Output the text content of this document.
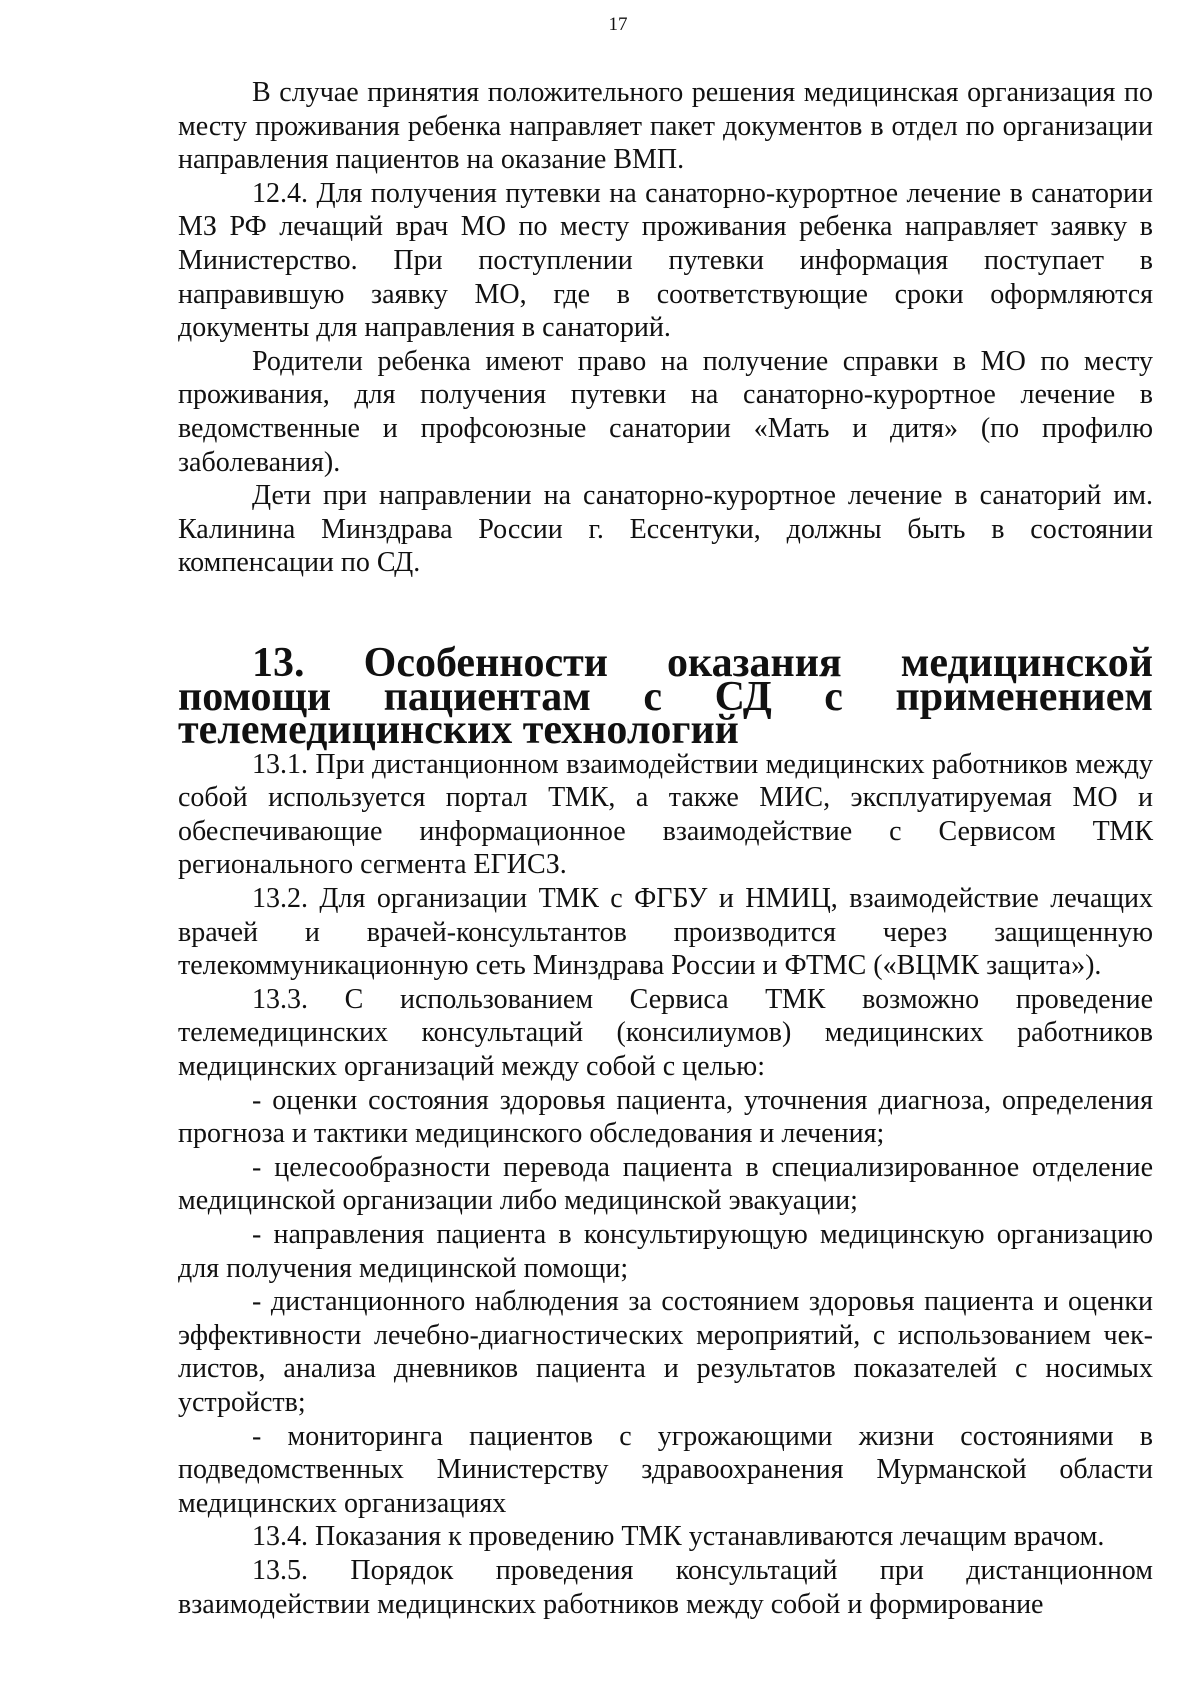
17

В случае принятия положительного решения медицинская организация по месту проживания ребенка направляет пакет документов в отдел по организации направления пациентов на оказание ВМП.

12.4. Для получения путевки на санаторно-курортное лечение в санатории МЗ РФ лечащий врач МО по месту проживания ребенка направляет заявку в Министерство. При поступлении путевки информация поступает в направившую заявку МО, где в соответствующие сроки оформляются документы для направления в санаторий.

Родители ребенка имеют право на получение справки в МО по месту проживания, для получения путевки на санаторно-курортное лечение в ведомственные и профсоюзные санатории «Мать и дитя» (по профилю заболевания).

Дети при направлении на санаторно-курортное лечение в санаторий им. Калинина Минздрава России г. Ессентуки, должны быть в состоянии компенсации по СД.

13. Особенности оказания медицинской помощи пациентам с СД с применением телемедицинских технологий

13.1. При дистанционном взаимодействии медицинских работников между собой используется портал ТМК, а также МИС, эксплуатируемая МО и обеспечивающие информационное взаимодействие с Сервисом ТМК регионального сегмента ЕГИСЗ.

13.2. Для организации ТМК с ФГБУ и НМИЦ, взаимодействие лечащих врачей и врачей-консультантов производится через защищенную телекоммуникационную сеть Минздрава России и ФТМС («ВЦМК защита»).

13.3. С использованием Сервиса ТМК возможно проведение телемедицинских консультаций (консилиумов) медицинских работников медицинских организаций между собой с целью:

- оценки состояния здоровья пациента, уточнения диагноза, определения прогноза и тактики медицинского обследования и лечения;

- целесообразности перевода пациента в специализированное отделение медицинской организации либо медицинской эвакуации;

- направления пациента в консультирующую медицинскую организацию для получения медицинской помощи;

- дистанционного наблюдения за состоянием здоровья пациента и оценки эффективности лечебно-диагностических мероприятий, с использованием чек- листов, анализа дневников пациента и результатов показателей с носимых устройств;

- мониторинга пациентов с угрожающими жизни состояниями в подведомственных Министерству здравоохранения Мурманской области медицинских организациях

13.4. Показания к проведению ТМК устанавливаются лечащим врачом.

13.5. Порядок проведения консультаций при дистанционном взаимодействии медицинских работников между собой и формирование
